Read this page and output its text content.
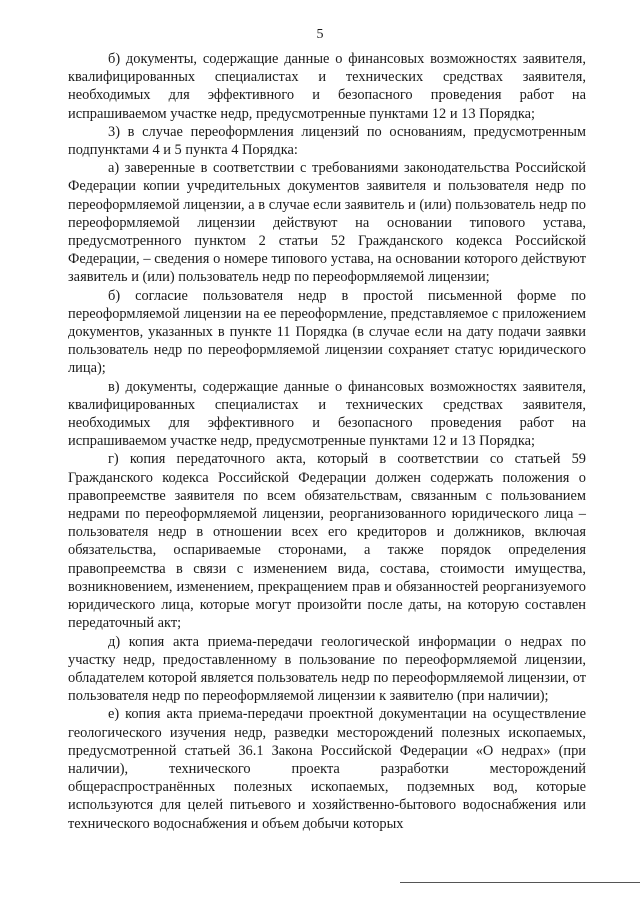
5

б) документы, содержащие данные о финансовых возможностях заявителя, квалифицированных специалистах и технических средствах заявителя, необходимых для эффективного и безопасного проведения работ на испрашиваемом участке недр, предусмотренные пунктами 12 и 13 Порядка;

3) в случае переоформления лицензий по основаниям, предусмотренным подпунктами 4 и 5 пункта 4 Порядка:

а) заверенные в соответствии с требованиями законодательства Российской Федерации копии учредительных документов заявителя и пользователя недр по переоформляемой лицензии, а в случае если заявитель и (или) пользователь недр по переоформляемой лицензии действуют на основании типового устава, предусмотренного пунктом 2 статьи 52 Гражданского кодекса Российской Федерации, – сведения о номере типового устава, на основании которого действуют заявитель и (или) пользователь недр по переоформляемой лицензии;

б) согласие пользователя недр в простой письменной форме по переоформляемой лицензии на ее переоформление, представляемое с приложением документов, указанных в пункте 11 Порядка (в случае если на дату подачи заявки пользователь недр по переоформляемой лицензии сохраняет статус юридического лица);

в) документы, содержащие данные о финансовых возможностях заявителя, квалифицированных специалистах и технических средствах заявителя, необходимых для эффективного и безопасного проведения работ на испрашиваемом участке недр, предусмотренные пунктами 12 и 13 Порядка;

г) копия передаточного акта, который в соответствии со статьей 59 Гражданского кодекса Российской Федерации должен содержать положения о правопреемстве заявителя по всем обязательствам, связанным с пользованием недрами по переоформляемой лицензии, реорганизованного юридического лица – пользователя недр в отношении всех его кредиторов и должников, включая обязательства, оспариваемые сторонами, а также порядок определения правопреемства в связи с изменением вида, состава, стоимости имущества, возникновением, изменением, прекращением прав и обязанностей реорганизуемого юридического лица, которые могут произойти после даты, на которую составлен передаточный акт;

д) копия акта приема-передачи геологической информации о недрах по участку недр, предоставленному в пользование по переоформляемой лицензии, обладателем которой является пользователь недр по переоформляемой лицензии, от пользователя недр по переоформляемой лицензии к заявителю (при наличии);

е) копия акта приема-передачи проектной документации на осуществление геологического изучения недр, разведки месторождений полезных ископаемых, предусмотренной статьей 36.1 Закона Российской Федерации «О недрах» (при наличии), технического проекта разработки месторождений общераспространённых полезных ископаемых, подземных вод, которые используются для целей питьевого и хозяйственно-бытового водоснабжения или технического водоснабжения и объем добычи которых
